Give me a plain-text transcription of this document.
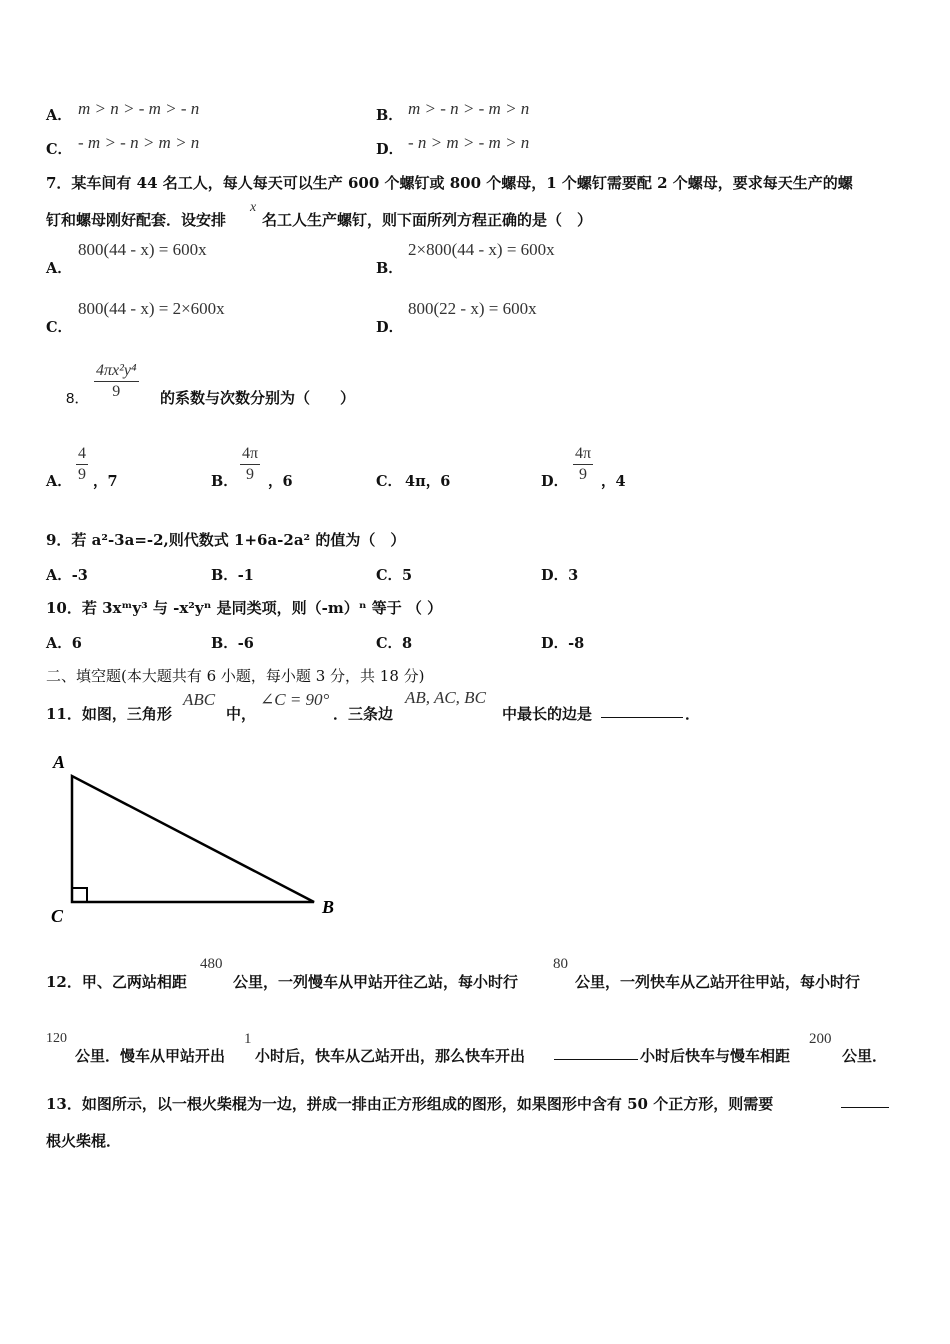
A． m > n > - m > - n	B． m > - n > - m > n
C． - m > - n > m > n	D． - n > m > - m > n
7．某车间有 44 名工人，每人每天可以生产 600 个螺钉或 800 个螺母，1 个螺钉需要配 2 个螺母，要求每天生产的螺
钉和螺母刚好配套．设安排
x
名工人生产螺钉，则下面所列方程正确的是（　）
A．
800(44 - x) = 600x
B．
2×800(44 - x) = 600x
C．
800(44 - x) = 2×600x
D．
800(22 - x) = 600x
8． $\frac{\text{4πx²y⁴}}{9}$ 的系数与次数分别为（　　）
A． $\frac{4}{9}$ ，7	B． $\frac{4\pi}{9}$ ，6	C． 4π，6	D． $\frac{4\pi}{9}$ ，4
9．若 a²-3a=-2,则代数式 1+6a-2a² 的值为（　）
A．-3	B．-1	C．5	D．3
10．若 3xᵐy³ 与 -x²yⁿ 是同类项，则（-m）ⁿ 等于 （ ）
A．6	B．-6	C．8	D．-8
二、填空题(本大题共有 6 小题，每小题 3 分，共 18 分)
11．如图，三角形
ABC
中，
∠C = 90°
．三条边
AB, AC, BC
中最长的边是	．
A
C	B
12．甲、乙两站相距
480
公里，一列慢车从甲站开往乙站，每小时行
80
公里，一列快车从乙站开往甲站，每小时行
120
公里．慢车从甲站开出
1
小时后，快车从乙站开出，那么快车开出	小时后快车与慢车相距
200
公里．
13．如图所示，以一根火柴棍为一边，拼成一排由正方形组成的图形，如果图形中含有 50 个正方形，则需要
根火柴棍．
